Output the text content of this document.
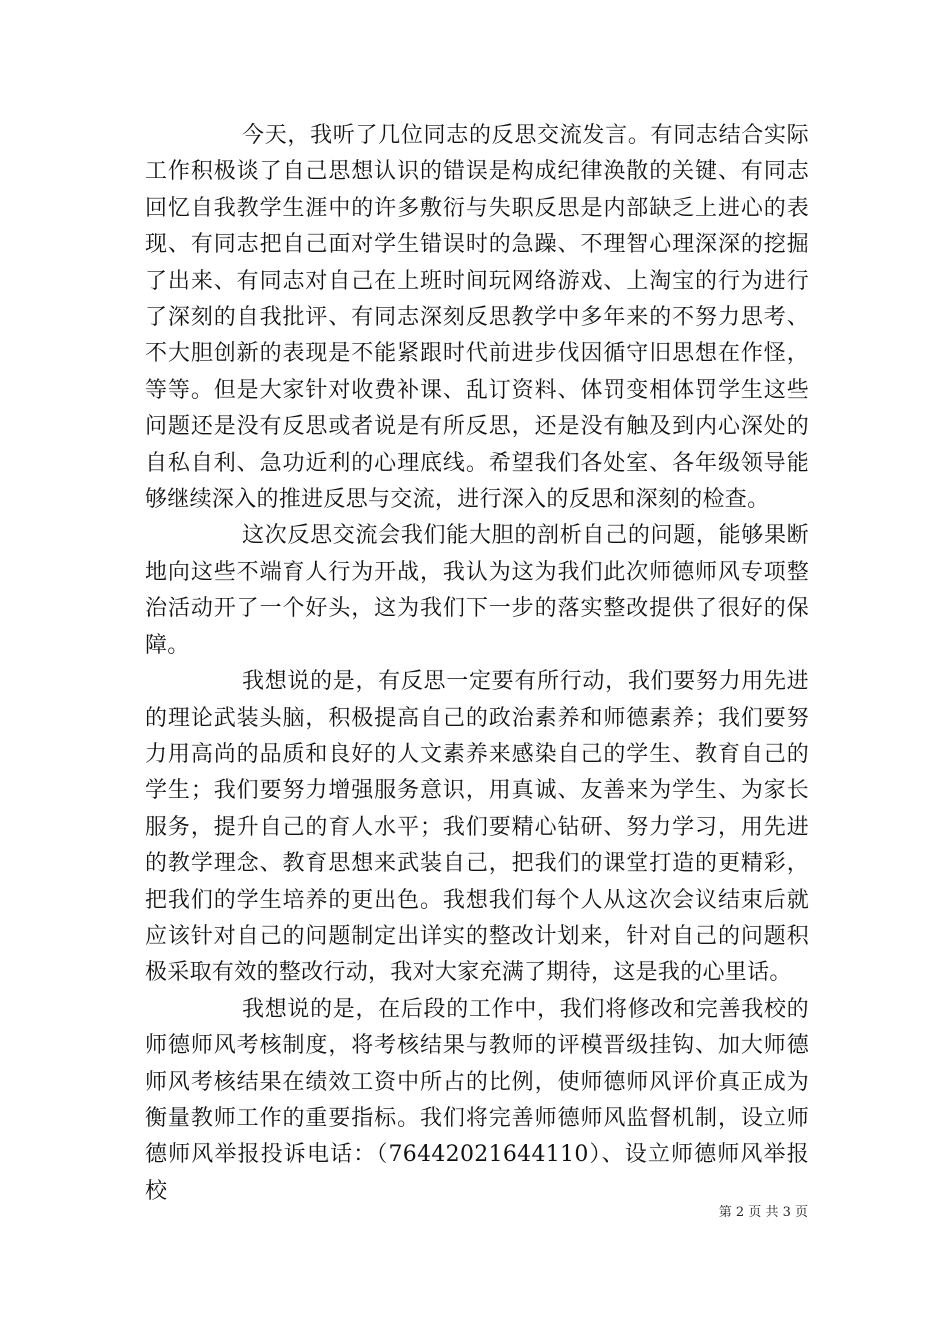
今天，我听了几位同志的反思交流发言。有同志结合实际工作积极谈了自己思想认识的错误是构成纪律涣散的关键、有同志回忆自我教学生涯中的许多敷衍与失职反思是内部缺乏上进心的表现、有同志把自己面对学生错误时的急躁、不理智心理深深的挖掘了出来、有同志对自己在上班时间玩网络游戏、上淘宝的行为进行了深刻的自我批评、有同志深刻反思教学中多年来的不努力思考、不大胆创新的表现是不能紧跟时代前进步伐因循守旧思想在作怪，等等。但是大家针对收费补课、乱订资料、体罚变相体罚学生这些问题还是没有反思或者说是有所反思，还是没有触及到内心深处的自私自利、急功近利的心理底线。希望我们各处室、各年级领导能够继续深入的推进反思与交流，进行深入的反思和深刻的检查。

这次反思交流会我们能大胆的剖析自己的问题，能够果断地向这些不端育人行为开战，我认为这为我们此次师德师风专项整治活动开了一个好头，这为我们下一步的落实整改提供了很好的保障。

我想说的是，有反思一定要有所行动，我们要努力用先进的理论武装头脑，积极提高自己的政治素养和师德素养；我们要努力用高尚的品质和良好的人文素养来感染自己的学生、教育自己的学生；我们要努力增强服务意识，用真诚、友善来为学生、为家长服务，提升自己的育人水平；我们要精心钻研、努力学习，用先进的教学理念、教育思想来武装自己，把我们的课堂打造的更精彩，把我们的学生培养的更出色。我想我们每个人从这次会议结束后就应该针对自己的问题制定出详实的整改计划来，针对自己的问题积极采取有效的整改行动，我对大家充满了期待，这是我的心里话。

我想说的是，在后段的工作中，我们将修改和完善我校的师德师风考核制度，将考核结果与教师的评模晋级挂钩、加大师德师风考核结果在绩效工资中所占的比例，使师德师风评价真正成为衡量教师工作的重要指标。我们将完善师德师风监督机制，设立师德师风举报投诉电话：（76442021644110）、设立师德师风举报校

第 2 页 共 3 页
